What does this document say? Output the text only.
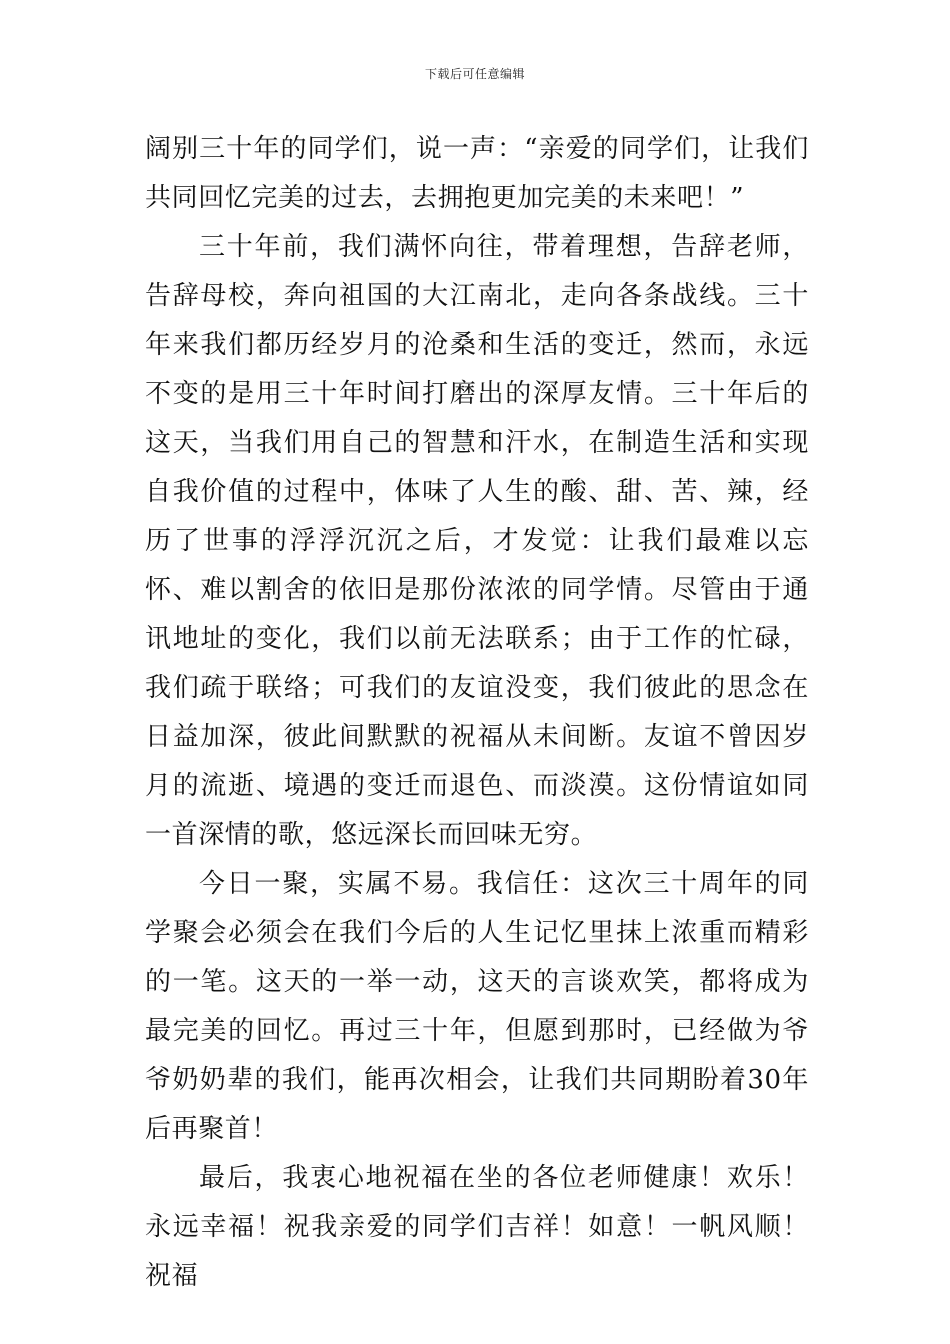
下载后可任意编辑

阔别三十年的同学们，说一声：“亲爱的同学们，让我们共同回忆完美的过去，去拥抱更加完美的未来吧！”

三十年前，我们满怀向往，带着理想，告辞老师，告辞母校，奔向祖国的大江南北，走向各条战线。三十年来我们都历经岁月的沧桑和生活的变迁，然而，永远不变的是用三十年时间打磨出的深厚友情。三十年后的这天，当我们用自己的智慧和汗水，在制造生活和实现自我价值的过程中，体味了人生的酸、甜、苦、辣，经历了世事的浮浮沉沉之后，才发觉：让我们最难以忘怀、难以割舍的依旧是那份浓浓的同学情。尽管由于通讯地址的变化，我们以前无法联系；由于工作的忙碌，我们疏于联络；可我们的友谊没变，我们彼此的思念在日益加深，彼此间默默的祝福从未间断。友谊不曾因岁月的流逝、境遇的变迁而退色、而淡漠。这份情谊如同一首深情的歌，悠远深长而回味无穷。

今日一聚，实属不易。我信任：这次三十周年的同学聚会必须会在我们今后的人生记忆里抹上浓重而精彩的一笔。这天的一举一动，这天的言谈欢笑，都将成为最完美的回忆。再过三十年，但愿到那时，已经做为爷爷奶奶辈的我们，能再次相会，让我们共同期盼着30年后再聚首！

最后，我衷心地祝福在坐的各位老师健康！欢乐！永远幸福！祝我亲爱的同学们吉祥！如意！一帆风顺！祝福
